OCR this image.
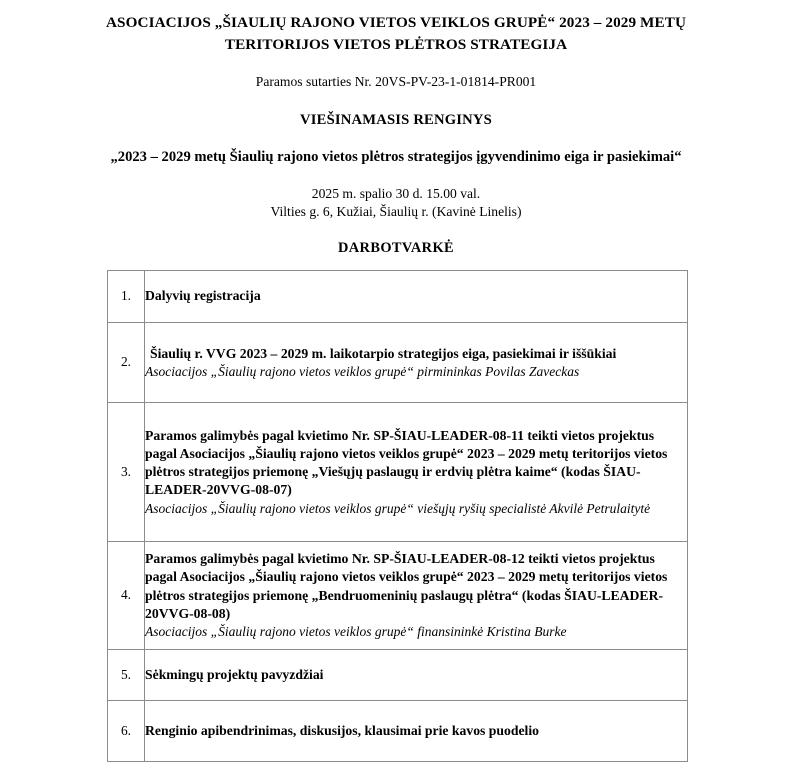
ASOCIACIJOS „ŠIAULIŲ RAJONO VIETOS VEIKLOS GRUPĖ“ 2023 – 2029 METŲ
TERITORIJOS VIETOS PLĖTROS STRATEGIJA
Paramos sutarties Nr. 20VS-PV-23-1-01814-PR001
VIEŠINAMASIS RENGINYS
„2023 – 2029 metų Šiaulių rajono vietos plėtros strategijos įgyvendinimo eiga ir pasiekimai“
2025 m. spalio 30 d. 15.00 val.
Vilties g. 6, Kužiai, Šiaulių r. (Kavinė Linelis)
DARBOTVARKĖ
1.	Dalyvių registracija

2.	Šiaulių r. VVG 2023 – 2029 m. laikotarpio strategijos eiga, pasiekimai ir iššūkiai
Asociacijos „Šiaulių rajono vietos veiklos grupė“ pirmininkas Povilas Zaveckas

3.	Paramos galimybės pagal kvietimo Nr. SP-ŠIAU-LEADER-08-11 teikti vietos projektus pagal Asociacijos „Šiaulių rajono vietos veiklos grupė“ 2023 – 2029 metų teritorijos vietos plėtros strategijos priemonę „Viešųjų paslaugų ir erdvių plėtra kaime“ (kodas ŠIAU-LEADER-20VVG-08-07)
Asociacijos „Šiaulių rajono vietos veiklos grupė“ viešųjų ryšių specialistė Akvilė Petrulaitytė

4.	Paramos galimybės pagal kvietimo Nr. SP-ŠIAU-LEADER-08-12 teikti vietos projektus pagal Asociacijos „Šiaulių rajono vietos veiklos grupė“ 2023 – 2029 metų teritorijos vietos plėtros strategijos priemonę „Bendruomeninių paslaugų plėtra“ (kodas ŠIAU-LEADER-20VVG-08-08)
Asociacijos „Šiaulių rajono vietos veiklos grupė“ finansininkė Kristina Burke

5.	Sėkmingų projektų pavyzdžiai

6.	Renginio apibendrinimas, diskusijos, klausimai prie kavos puodelio
